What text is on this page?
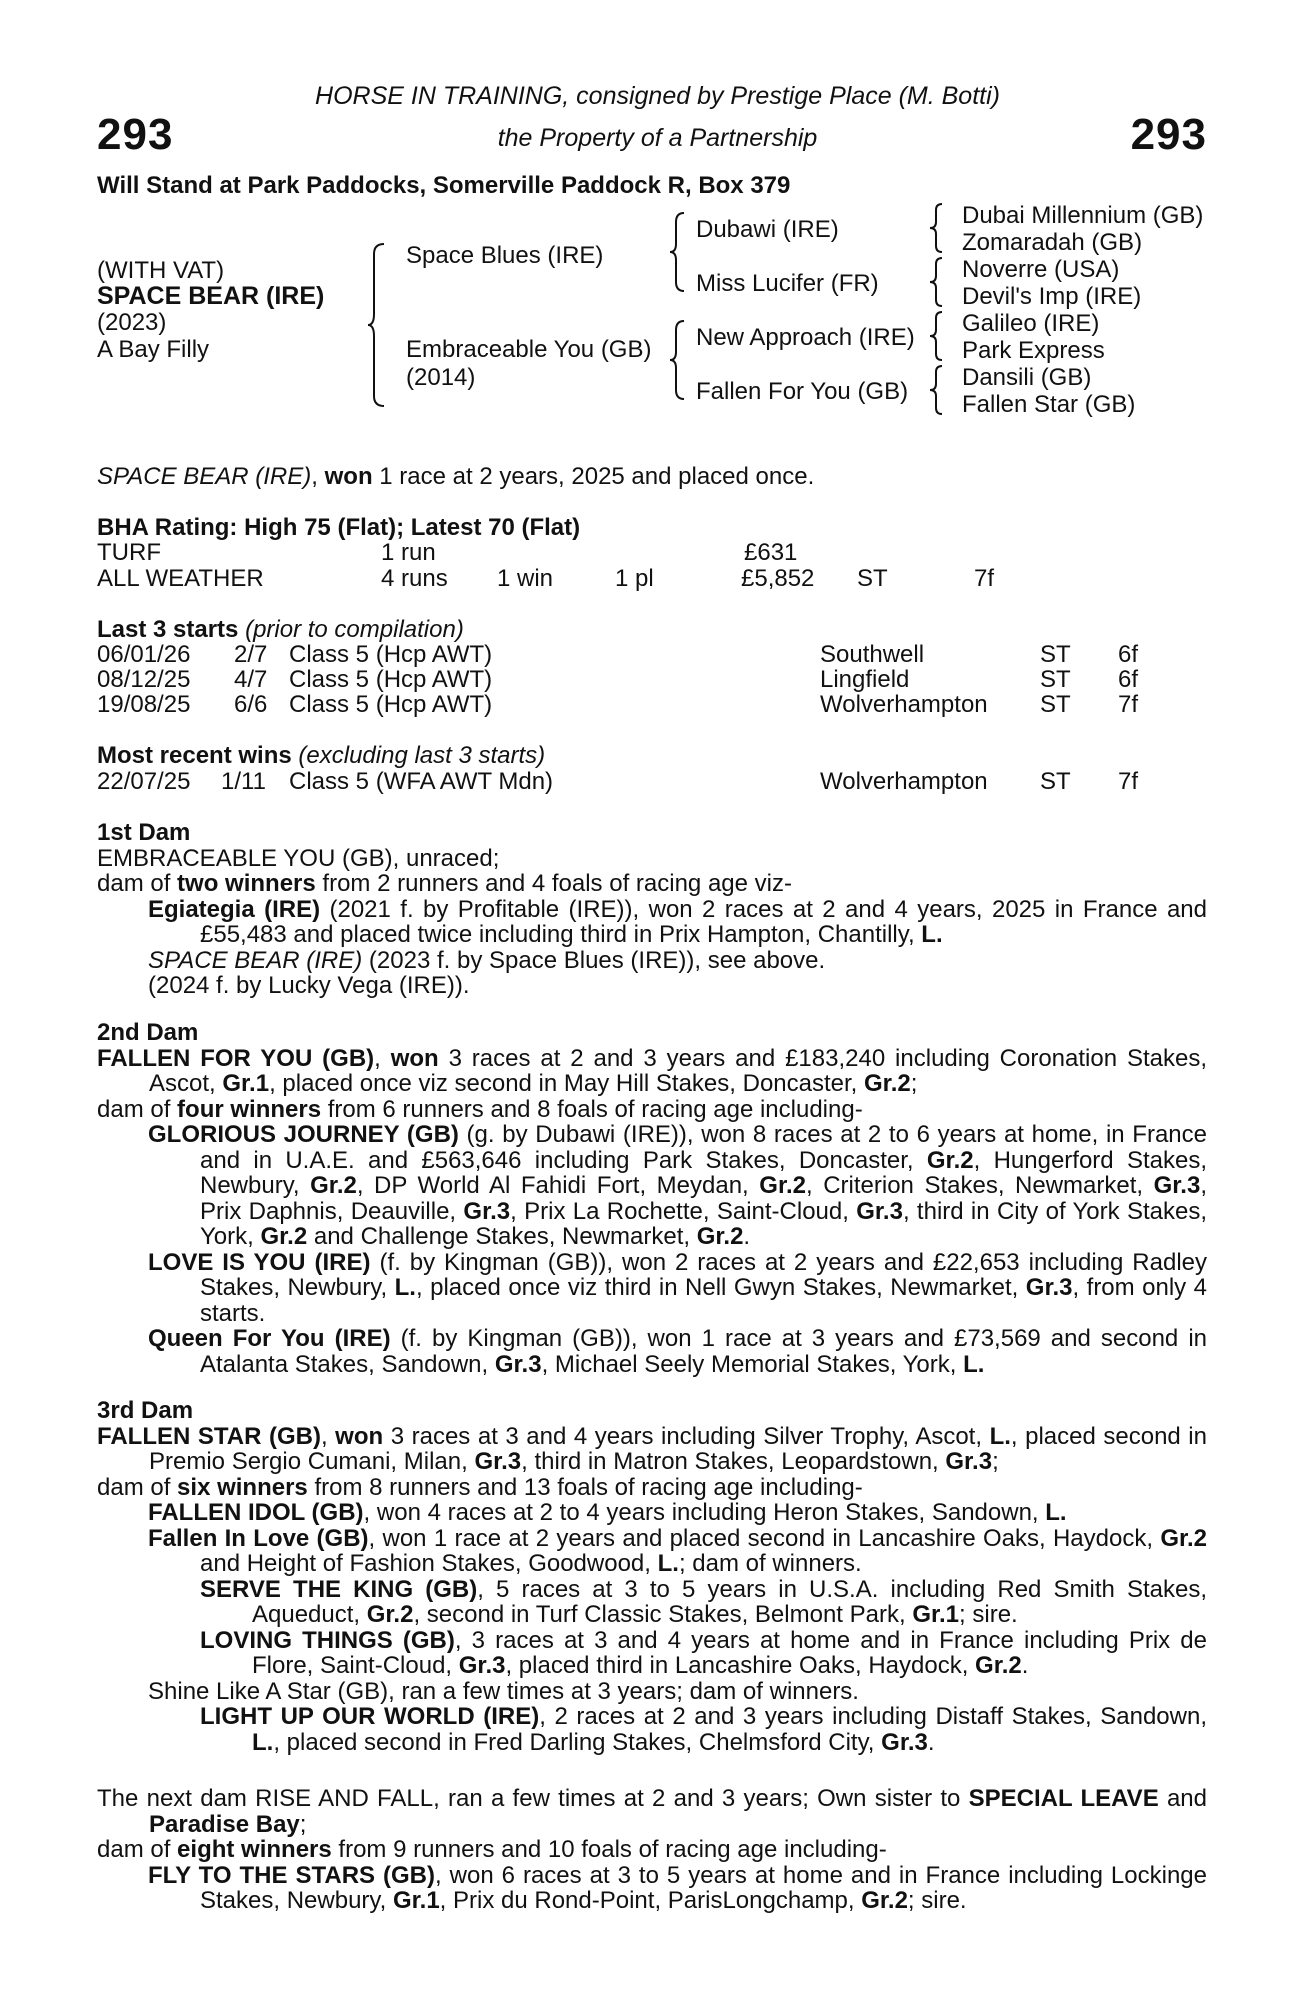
293	293
HORSE IN TRAINING, consigned by Prestige Place (M. Botti)
the Property of a Partnership
Will Stand at Park Paddocks, Somerville Paddock R, Box 379
(WITH VAT)
SPACE BEAR (IRE)
(2023)
A Bay Filly
Space Blues (IRE)
Embraceable You (GB)
(2014)
Dubawi (IRE)
Miss Lucifer (FR)
New Approach (IRE)
Fallen For You (GB)
Dubai Millennium (GB)
Zomaradah (GB)
Noverre (USA)
Devil's Imp (IRE)
Galileo (IRE)
Park Express
Dansili (GB)
Fallen Star (GB)
SPACE BEAR (IRE), won 1 race at 2 years, 2025 and placed once.
BHA Rating: High 75 (Flat); Latest 70 (Flat)
TURF	1 run	£631
ALL WEATHER	4 runs 1 win	1 pl	£5,852 ST	7f
Last 3 starts (prior to compilation)
06/01/26 2/7 Class 5 (Hcp AWT)	Southwell	ST 6f
08/12/25 4/7 Class 5 (Hcp AWT)	Lingfield	ST 6f
19/08/25 6/6 Class 5 (Hcp AWT)	Wolverhampton ST 7f
Most recent wins (excluding last 3 starts)
22/07/25 1/11 Class 5 (WFA AWT Mdn)	Wolverhampton ST 7f

1st Dam

EMBRACEABLE YOU (GB), unraced;

dam of two winners from 2 runners and 4 foals of racing age viz-

Egiategia (IRE) (2021 f. by Profitable (IRE)), won 2 races at 2 and 4 years, 2025 in France and £55,483 and placed twice including third in Prix Hampton, Chantilly, L.

SPACE BEAR (IRE) (2023 f. by Space Blues (IRE)), see above.

(2024 f. by Lucky Vega (IRE)).

2nd Dam

FALLEN FOR YOU (GB), won 3 races at 2 and 3 years and £183,240 including Coronation Stakes, Ascot, Gr.1, placed once viz second in May Hill Stakes, Doncaster, Gr.2;

dam of four winners from 6 runners and 8 foals of racing age including-

GLORIOUS JOURNEY (GB) (g. by Dubawi (IRE)), won 8 races at 2 to 6 years at home, in France and in U.A.E. and £563,646 including Park Stakes, Doncaster, Gr.2, Hungerford Stakes, Newbury, Gr.2, DP World Al Fahidi Fort, Meydan, Gr.2, Criterion Stakes, Newmarket, Gr.3, Prix Daphnis, Deauville, Gr.3, Prix La Rochette, Saint-Cloud, Gr.3, third in City of York Stakes, York, Gr.2 and Challenge Stakes, Newmarket, Gr.2.

LOVE IS YOU (IRE) (f. by Kingman (GB)), won 2 races at 2 years and £22,653 including Radley Stakes, Newbury, L., placed once viz third in Nell Gwyn Stakes, Newmarket, Gr.3, from only 4 starts.

Queen For You (IRE) (f. by Kingman (GB)), won 1 race at 3 years and £73,569 and second in Atalanta Stakes, Sandown, Gr.3, Michael Seely Memorial Stakes, York, L.

3rd Dam

FALLEN STAR (GB), won 3 races at 3 and 4 years including Silver Trophy, Ascot, L., placed second in Premio Sergio Cumani, Milan, Gr.3, third in Matron Stakes, Leopardstown, Gr.3;

dam of six winners from 8 runners and 13 foals of racing age including-

FALLEN IDOL (GB), won 4 races at 2 to 4 years including Heron Stakes, Sandown, L.

Fallen In Love (GB), won 1 race at 2 years and placed second in Lancashire Oaks, Haydock, Gr.2 and Height of Fashion Stakes, Goodwood, L.; dam of winners.

SERVE THE KING (GB), 5 races at 3 to 5 years in U.S.A. including Red Smith Stakes, Aqueduct, Gr.2, second in Turf Classic Stakes, Belmont Park, Gr.1; sire.

LOVING THINGS (GB), 3 races at 3 and 4 years at home and in France including Prix de Flore, Saint-Cloud, Gr.3, placed third in Lancashire Oaks, Haydock, Gr.2.

Shine Like A Star (GB), ran a few times at 3 years; dam of winners.

LIGHT UP OUR WORLD (IRE), 2 races at 2 and 3 years including Distaff Stakes, Sandown, L., placed second in Fred Darling Stakes, Chelmsford City, Gr.3.

The next dam RISE AND FALL, ran a few times at 2 and 3 years; Own sister to SPECIAL LEAVE and Paradise Bay;

dam of eight winners from 9 runners and 10 foals of racing age including-

FLY TO THE STARS (GB), won 6 races at 3 to 5 years at home and in France including Lockinge Stakes, Newbury, Gr.1, Prix du Rond-Point, ParisLongchamp, Gr.2; sire.
